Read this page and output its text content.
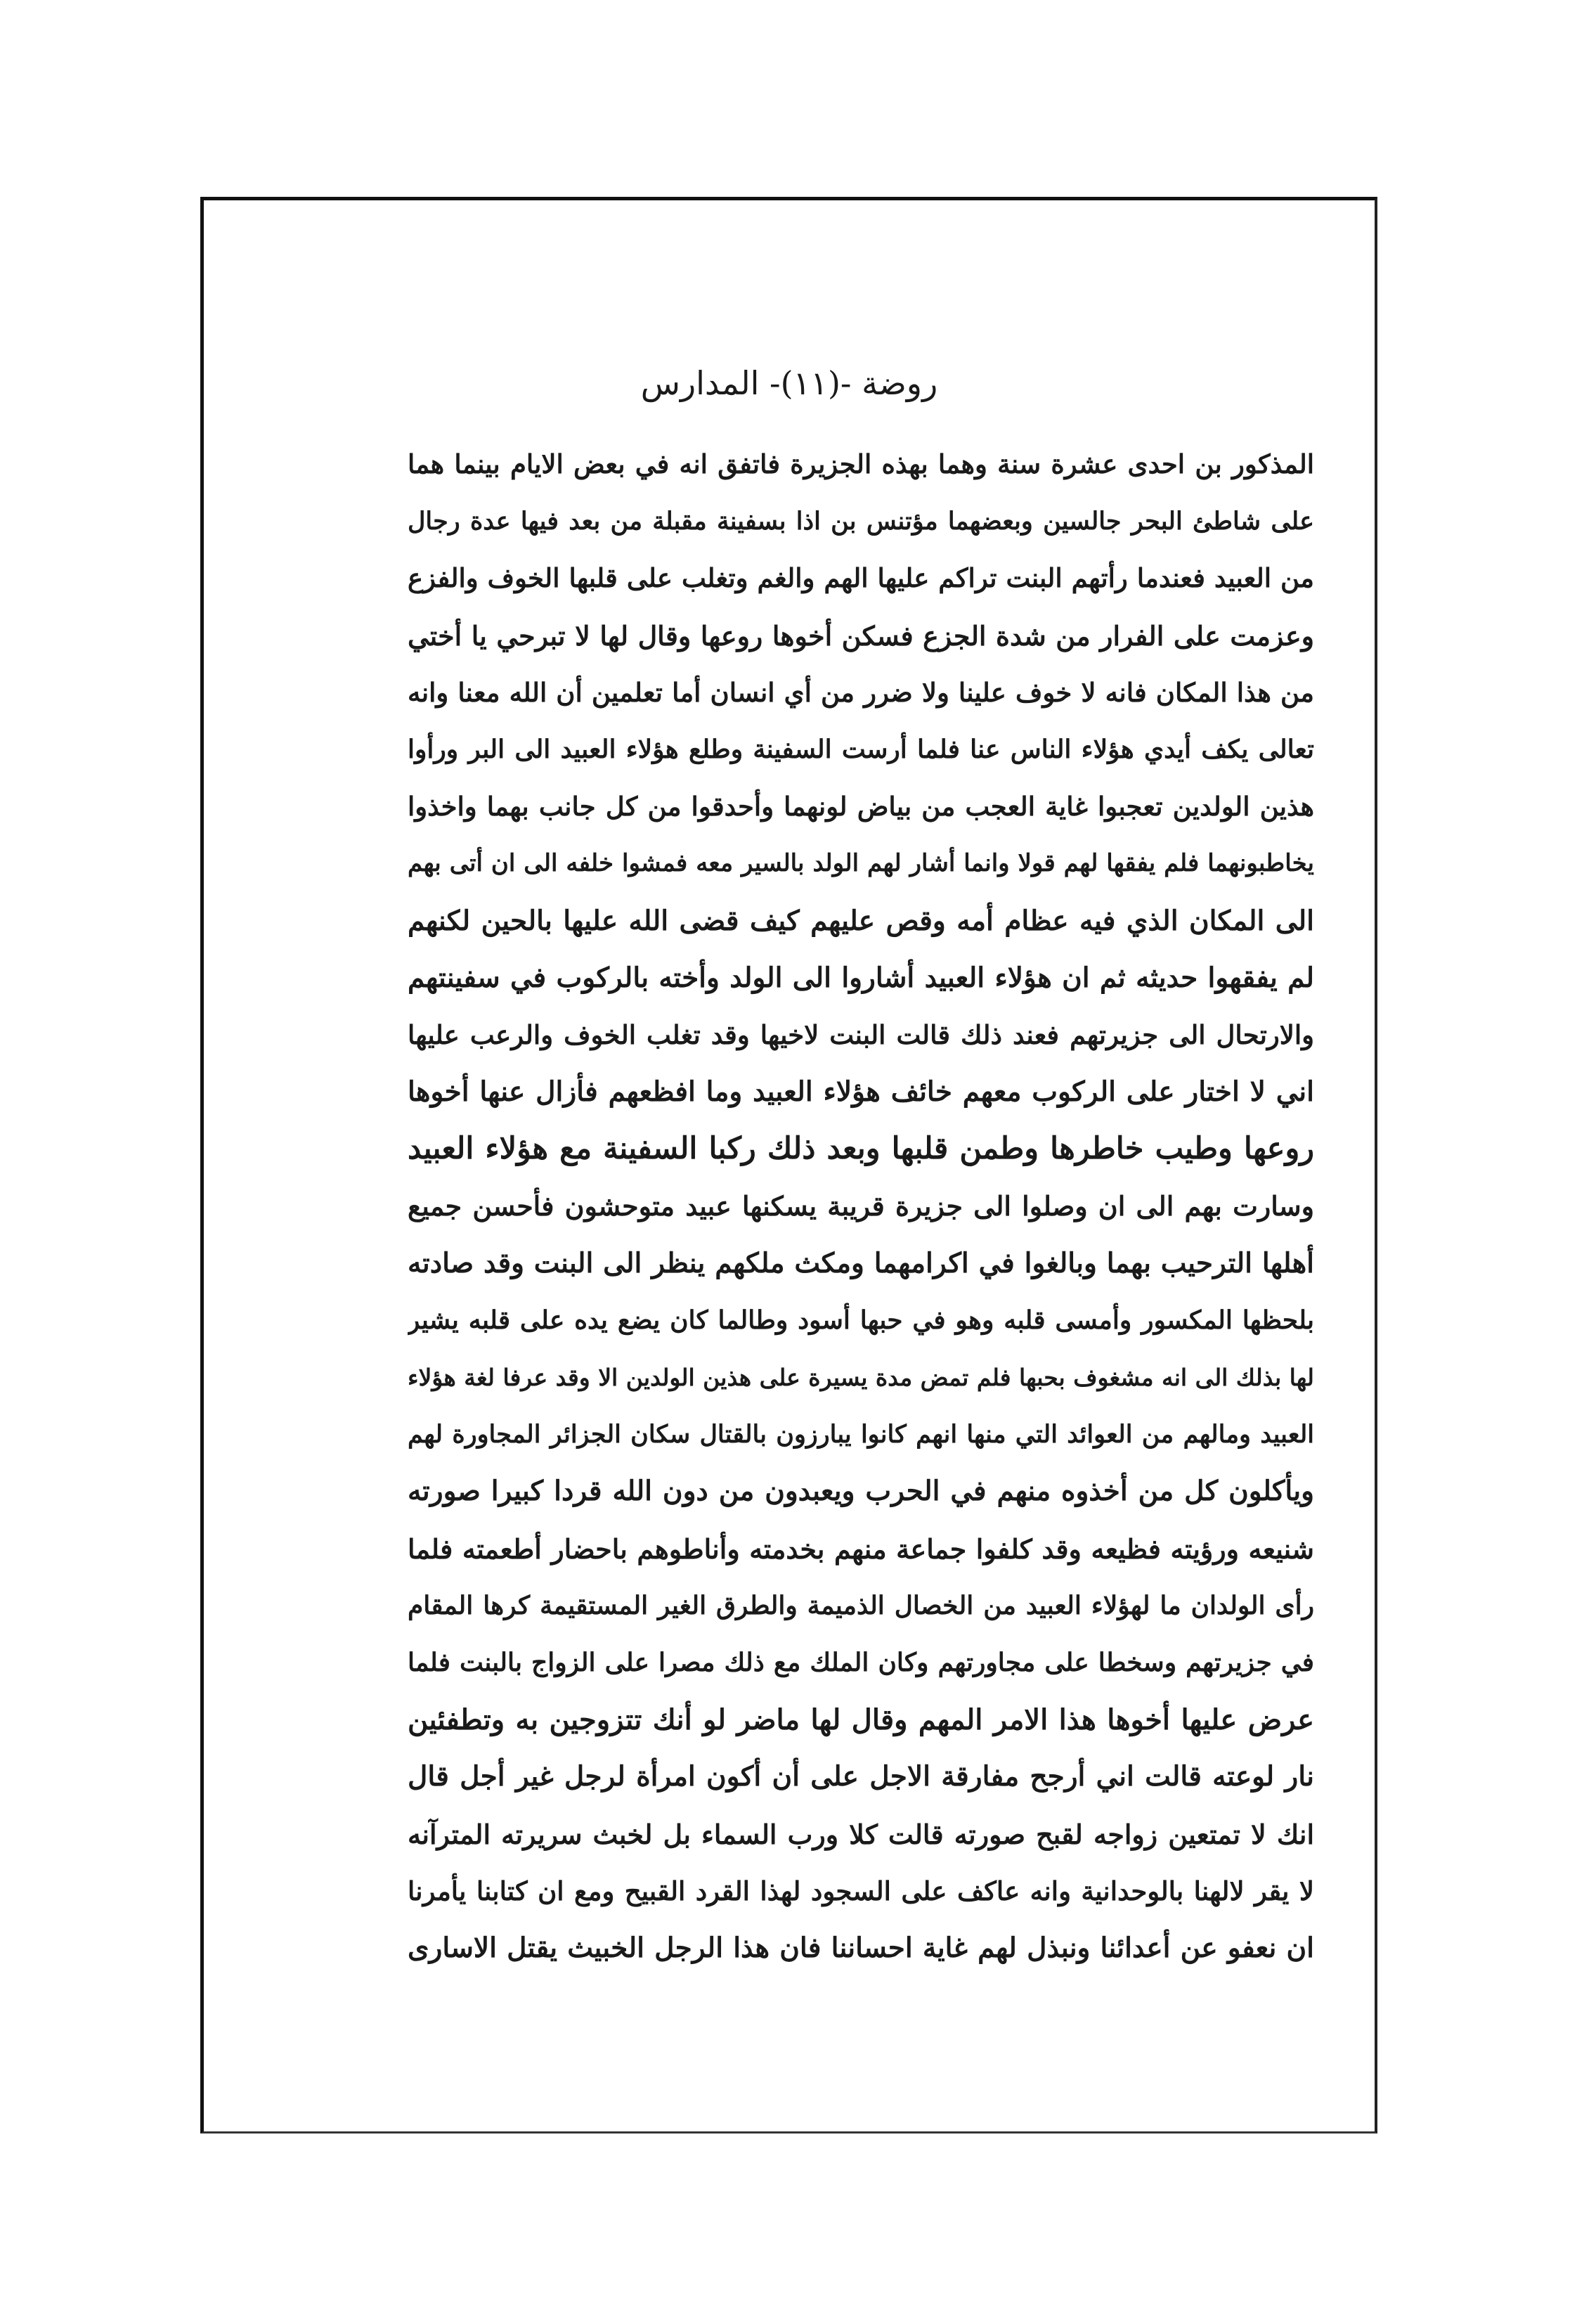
روضة -(١١)- المدارس
المذكور بن احدى عشرة سنة وهما بهذه الجزيرة فاتفق انه في بعض الايام بينما هما
على شاطئ البحر جالسين وبعضهما مؤتنس بن اذا بسفينة مقبلة من بعد فيها عدة رجال
من العبيد فعندما رأتهم البنت تراكم عليها الهم والغم وتغلب على قلبها الخوف والفزع
وعزمت على الفرار من شدة الجزع فسكن أخوها روعها وقال لها لا تبرحي يا أختي
من هذا المكان فانه لا خوف علينا ولا ضرر من أي انسان أما تعلمين أن الله معنا وانه
تعالى يكف أيدي هؤلاء الناس عنا فلما أرست السفينة وطلع هؤلاء العبيد الى البر ورأوا
هذين الولدين تعجبوا غاية العجب من بياض لونهما وأحدقوا من كل جانب بهما واخذوا
يخاطبونهما فلم يفقها لهم قولا وانما أشار لهم الولد بالسير معه فمشوا خلفه الى ان أتى بهم
الى المكان الذي فيه عظام أمه وقص عليهم كيف قضى الله عليها بالحين لكنهم
لم يفقهوا حديثه ثم ان هؤلاء العبيد أشاروا الى الولد وأخته بالركوب في سفينتهم
والارتحال الى جزيرتهم فعند ذلك قالت البنت لاخيها وقد تغلب الخوف والرعب عليها
اني لا اختار على الركوب معهم خائف هؤلاء العبيد وما افظعهم فأزال عنها أخوها
روعها وطيب خاطرها وطمن قلبها وبعد ذلك ركبا السفينة مع هؤلاء العبيد
وسارت بهم الى ان وصلوا الى جزيرة قريبة يسكنها عبيد متوحشون فأحسن جميع
أهلها الترحيب بهما وبالغوا في اكرامهما ومكث ملكهم ينظر الى البنت وقد صادته
بلحظها المكسور وأمسى قلبه وهو في حبها أسود وطالما كان يضع يده على قلبه يشير
لها بذلك الى انه مشغوف بحبها فلم تمض مدة يسيرة على هذين الولدين الا وقد عرفا لغة هؤلاء
العبيد ومالهم من العوائد التي منها انهم كانوا يبارزون بالقتال سكان الجزائر المجاورة لهم
ويأكلون كل من أخذوه منهم في الحرب ويعبدون من دون الله قردا كبيرا صورته
شنيعه ورؤيته فظيعه وقد كلفوا جماعة منهم بخدمته وأناطوهم باحضار أطعمته فلما
رأى الولدان ما لهؤلاء العبيد من الخصال الذميمة والطرق الغير المستقيمة كرها المقام
في جزيرتهم وسخطا على مجاورتهم وكان الملك مع ذلك مصرا على الزواج بالبنت فلما
عرض عليها أخوها هذا الامر المهم وقال لها ماضر لو أنك تتزوجين به وتطفئين
نار لوعته قالت اني أرجح مفارقة الاجل على أن أكون امرأة لرجل غير أجل قال
انك لا تمتعين زواجه لقبح صورته قالت كلا ورب السماء بل لخبث سريرته المترآنه
لا يقر لالهنا بالوحدانية وانه عاكف على السجود لهذا القرد القبيح ومع ان كتابنا يأمرنا
ان نعفو عن أعدائنا ونبذل لهم غاية احساننا فان هذا الرجل الخبيث يقتل الاسارى
